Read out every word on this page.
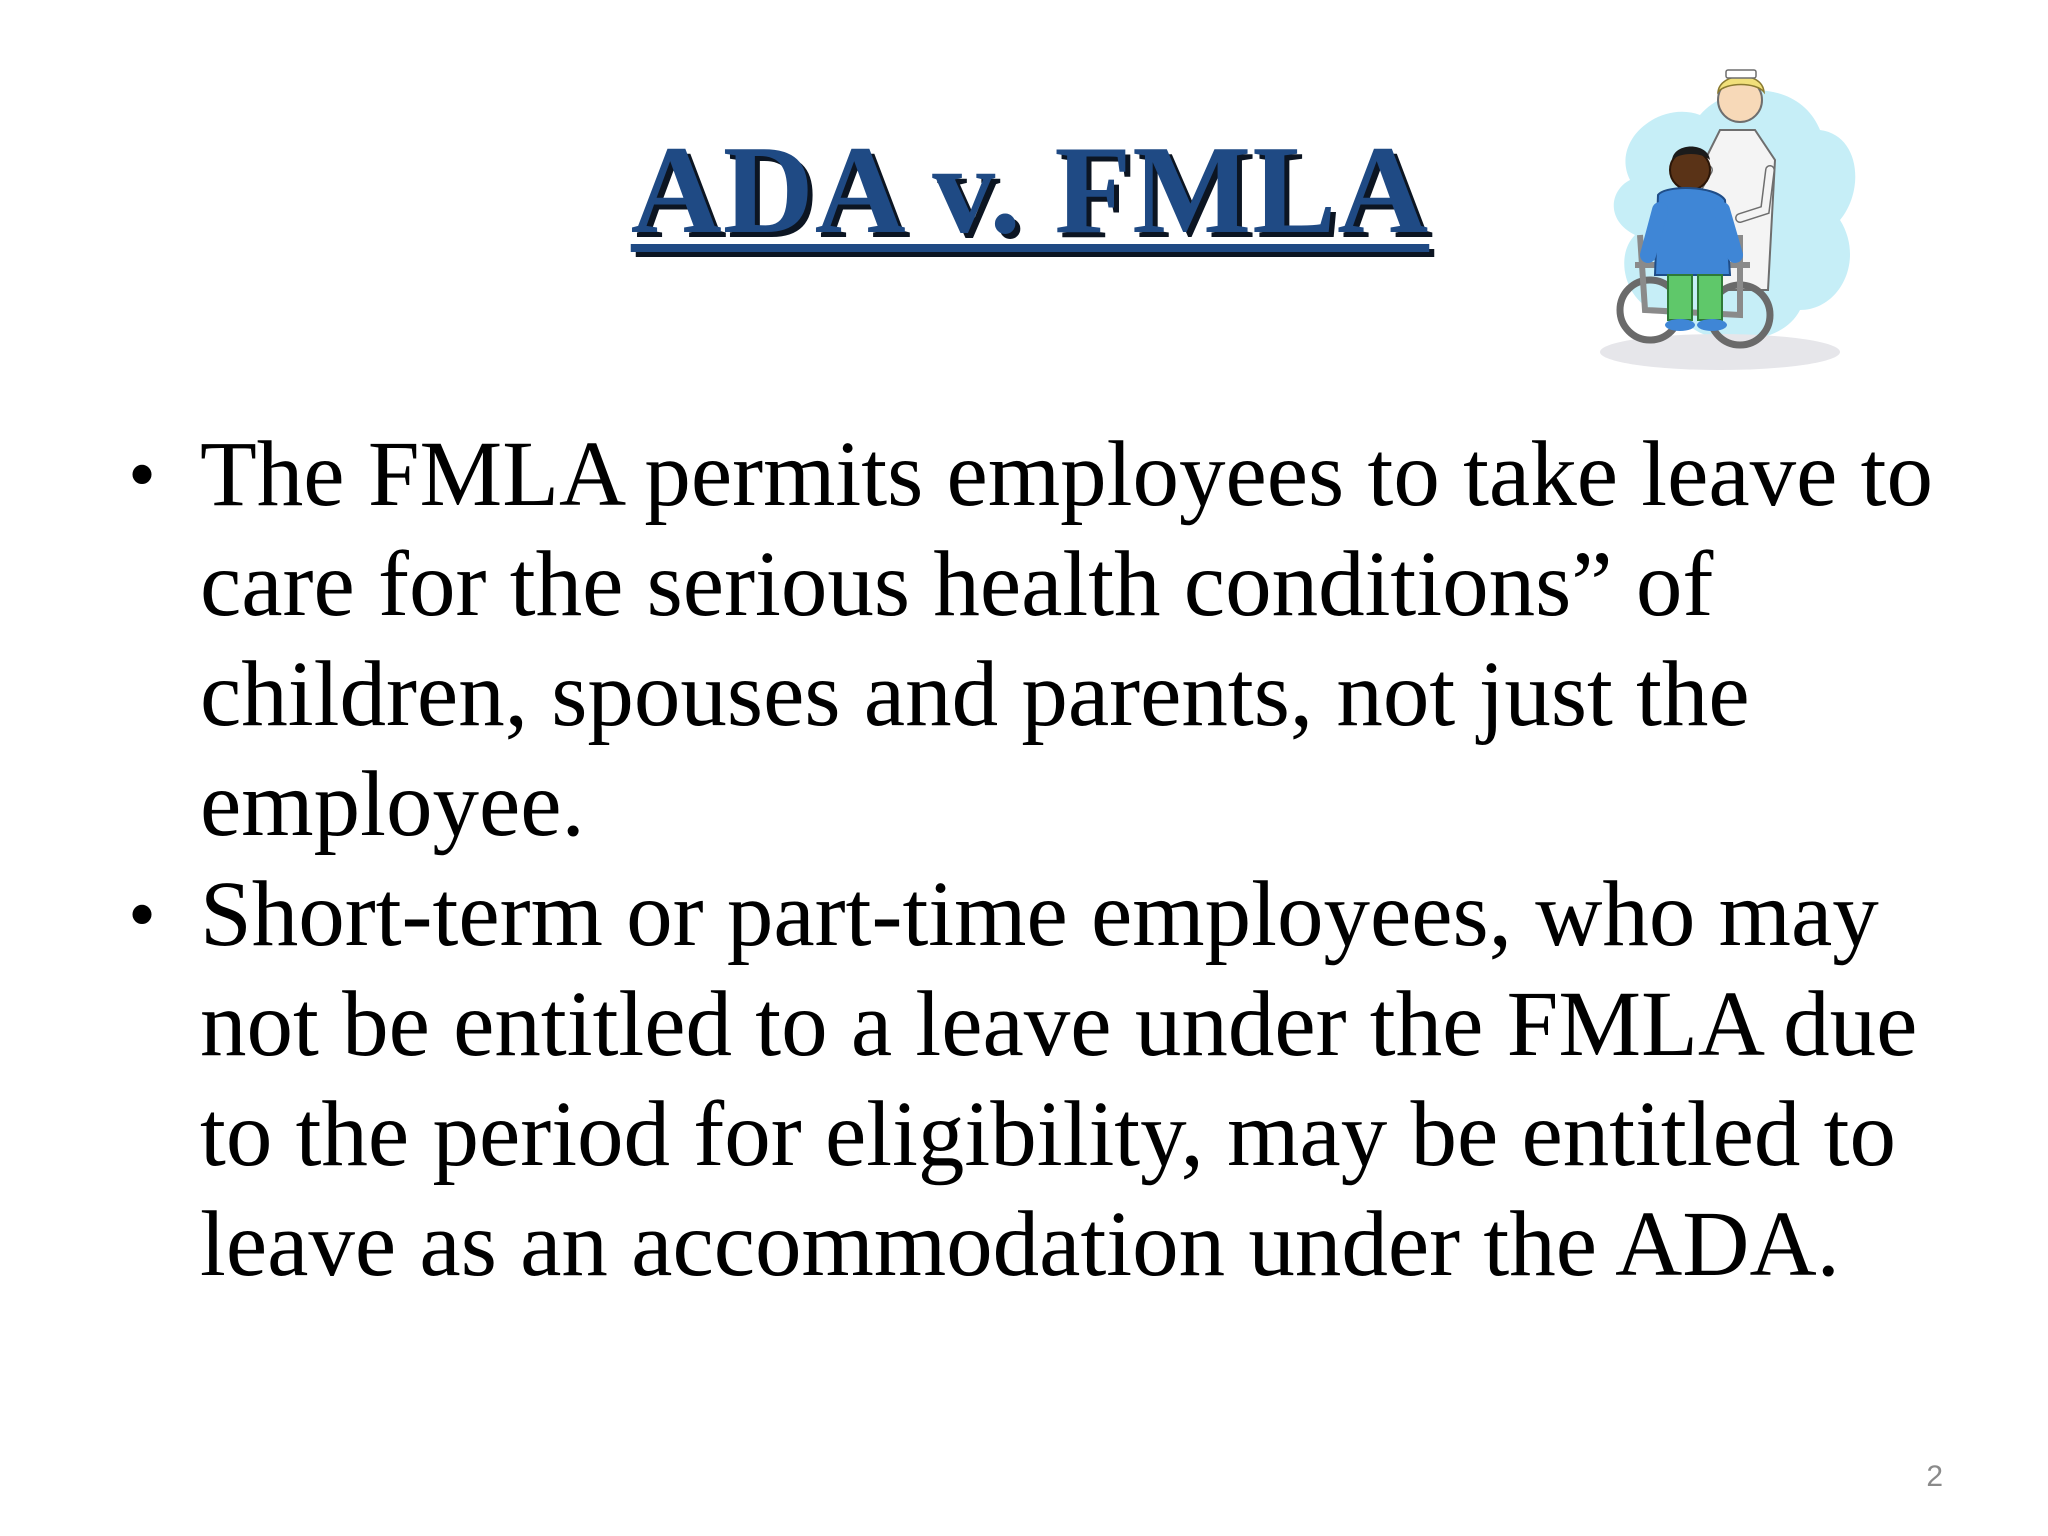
ADA v. FMLA
• The FMLA permits employees to take leave to care for the serious health conditions” of children, spouses and parents, not just the employee.
• Short-term or part-time employees, who may not be entitled to a leave under the FMLA due to the period for eligibility, may be entitled to leave as an accommodation under the ADA.
2
